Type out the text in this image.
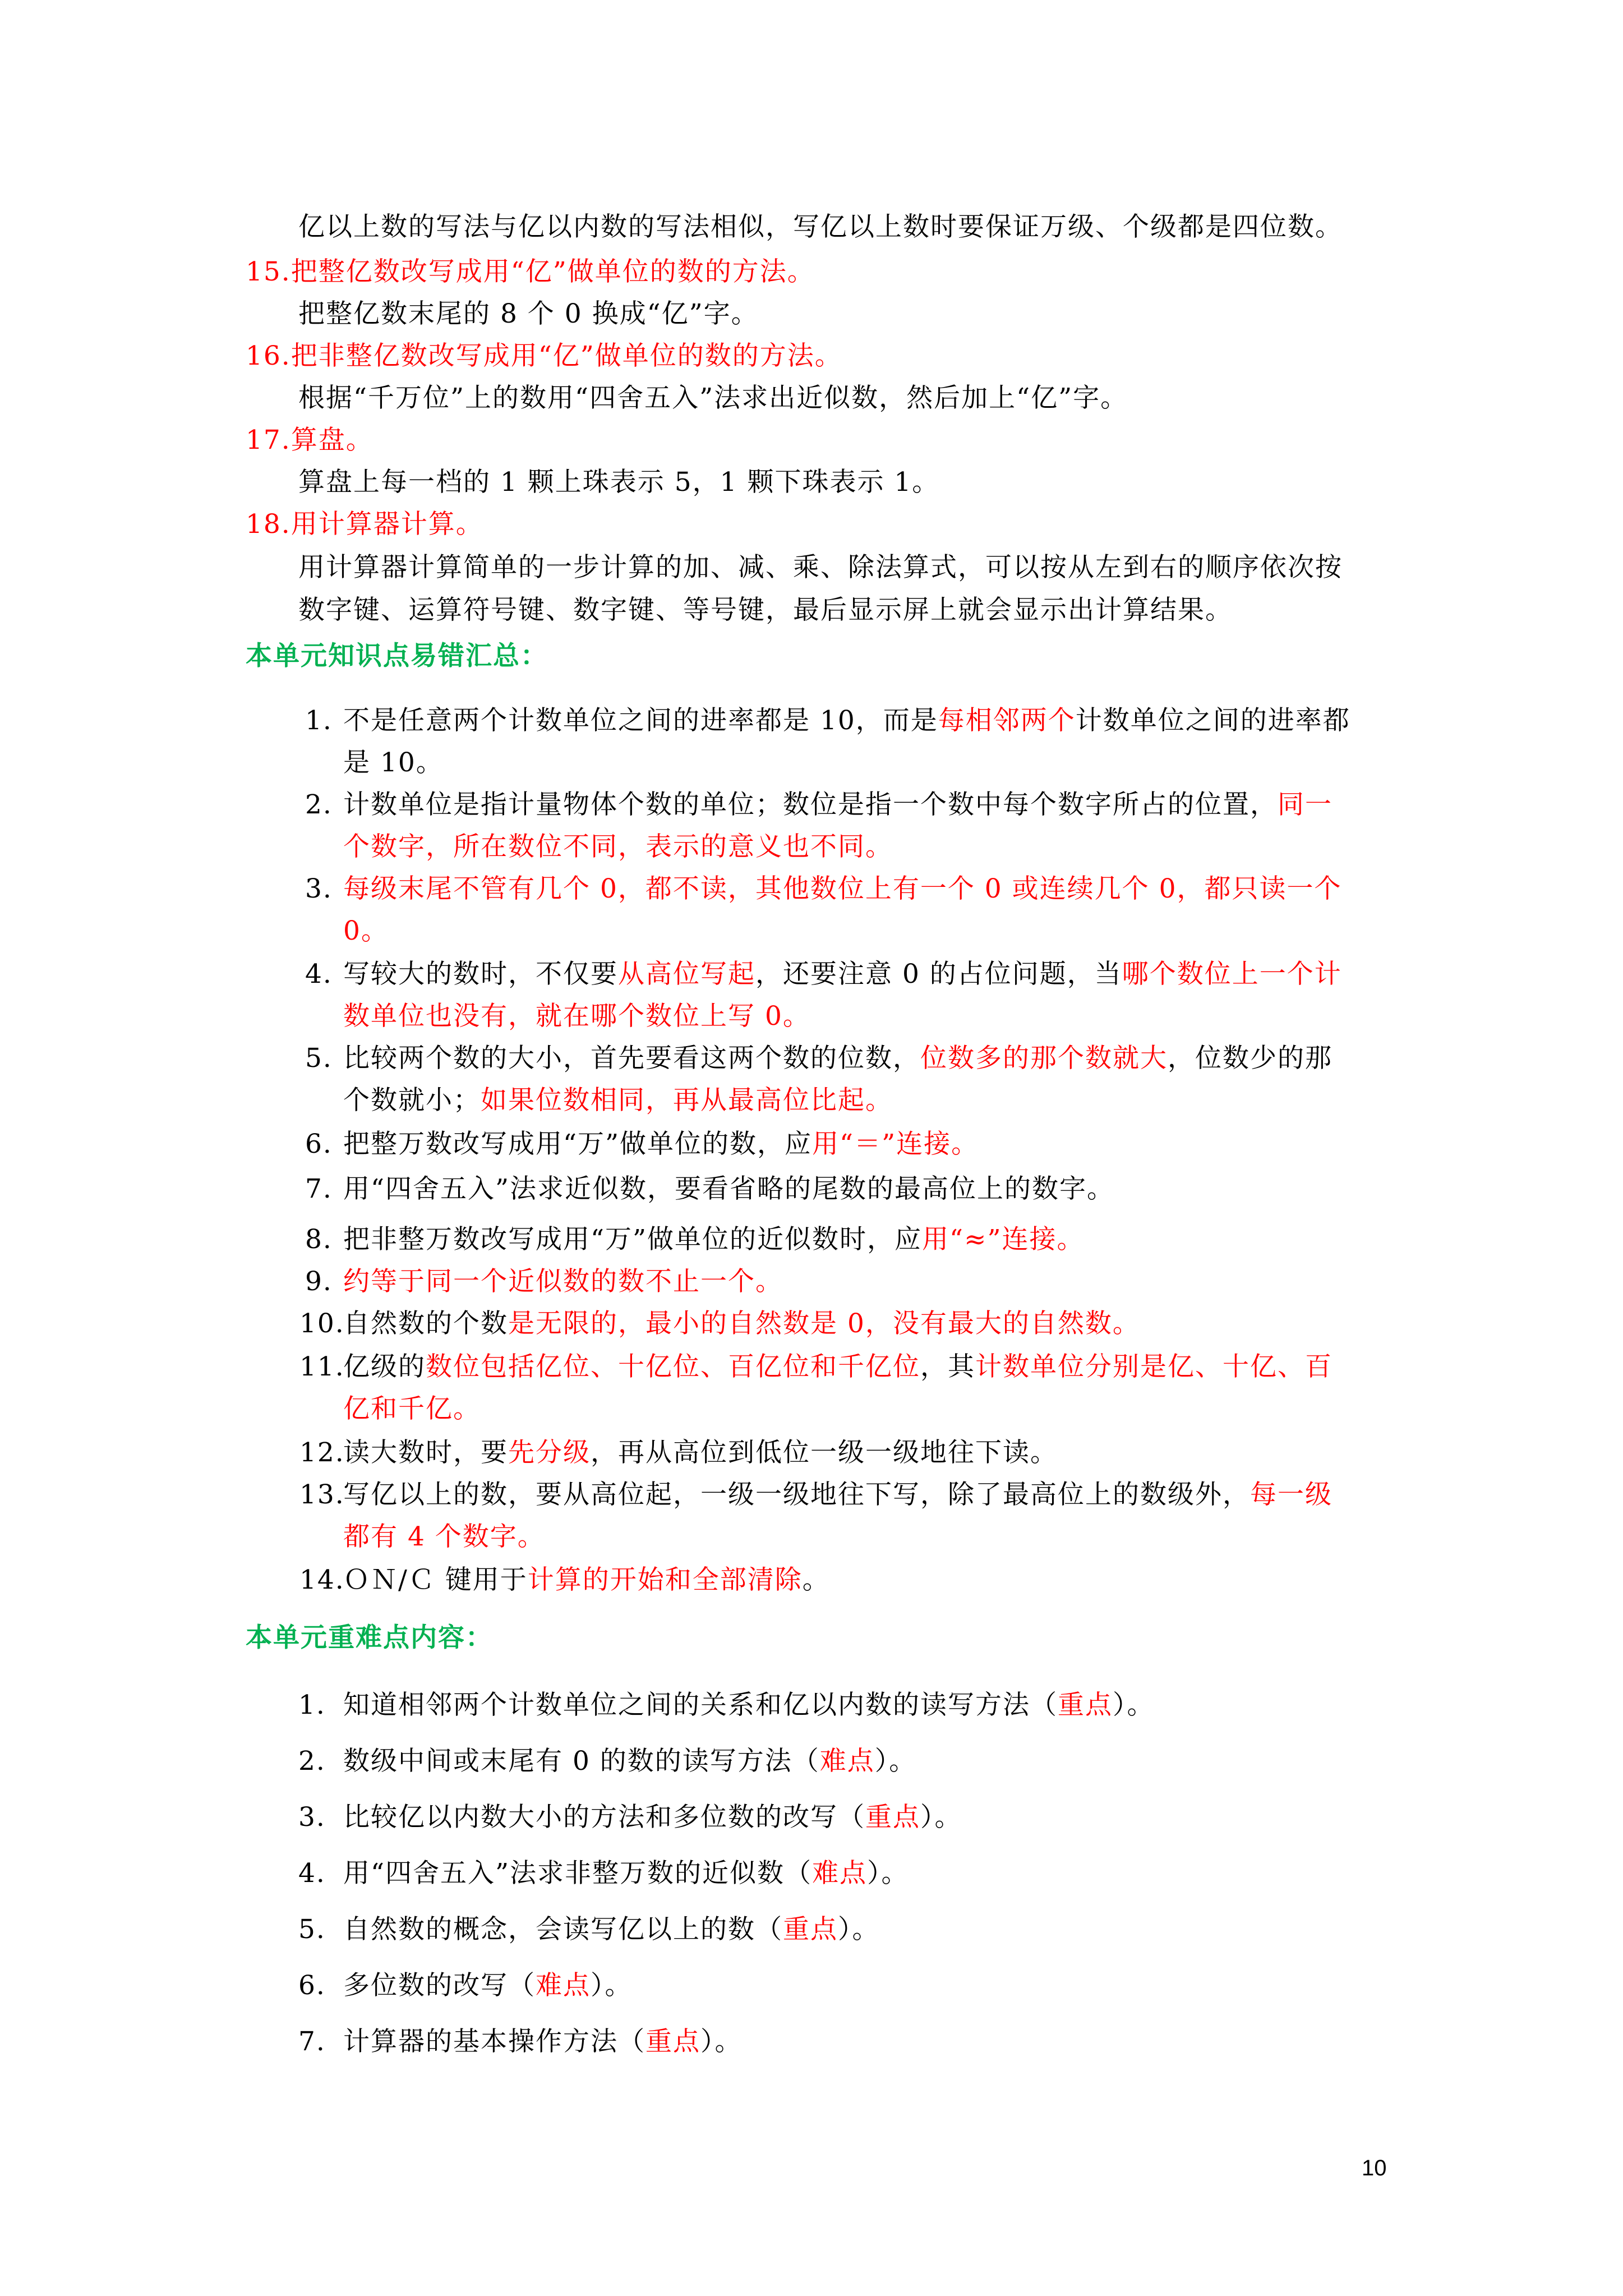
亿以上数的写法与亿以内数的写法相似，写亿以上数时要保证万级、个级都是四位数。
15.把整亿数改写成用“亿”做单位的数的方法。
把整亿数末尾的 8 个 0 换成“亿”字。
16.把非整亿数改写成用“亿”做单位的数的方法。
根据“千万位”上的数用“四舍五入”法求出近似数，然后加上“亿”字。
17.算盘。
算盘上每一档的 1 颗上珠表示 5，1 颗下珠表示 1。
18.用计算器计算。
用计算器计算简单的一步计算的加、减、乘、除法算式，可以按从左到右的顺序依次按
数字键、运算符号键、数字键、等号键，最后显示屏上就会显示出计算结果。
本单元知识点易错汇总：
1. 不是任意两个计数单位之间的进率都是 10，而是每相邻两个计数单位之间的进率都
是 10。
2. 计数单位是指计量物体个数的单位；数位是指一个数中每个数字所占的位置，同一
个数字，所在数位不同，表示的意义也不同。
3. 每级末尾不管有几个 0，都不读，其他数位上有一个 0 或连续几个 0，都只读一个
0。
4. 写较大的数时，不仅要从高位写起，还要注意 0 的占位问题，当哪个数位上一个计
数单位也没有，就在哪个数位上写 0。
5. 比较两个数的大小，首先要看这两个数的位数，位数多的那个数就大，位数少的那
个数就小；如果位数相同，再从最高位比起。
6. 把整万数改写成用“万”做单位的数，应用“＝”连接。
7. 用“四舍五入”法求近似数，要看省略的尾数的最高位上的数字。
8. 把非整万数改写成用“万”做单位的近似数时，应用“≈”连接。
9. 约等于同一个近似数的数不止一个。
10.
自然数的个数是无限的，最小的自然数是 0，没有最大的自然数。
11.
亿级的数位包括亿位、十亿位、百亿位和千亿位，其计数单位分别是亿、十亿、百
亿和千亿。
12.
读大数时，要先分级，再从高位到低位一级一级地往下读。
13.
写亿以上的数，要从高位起，一级一级地往下写，除了最高位上的数级外，每一级
都有 4 个数字。
14.
ＯＮ/Ｃ 键用于计算的开始和全部清除。
本单元重难点内容：
1. 知道相邻两个计数单位之间的关系和亿以内数的读写方法（重点）。
2. 数级中间或末尾有 0 的数的读写方法（难点）。
3. 比较亿以内数大小的方法和多位数的改写（重点）。
4. 用“四舍五入”法求非整万数的近似数（难点）。
5. 自然数的概念，会读写亿以上的数（重点）。
6. 多位数的改写（难点）。
7. 计算器的基本操作方法（重点）。
10
